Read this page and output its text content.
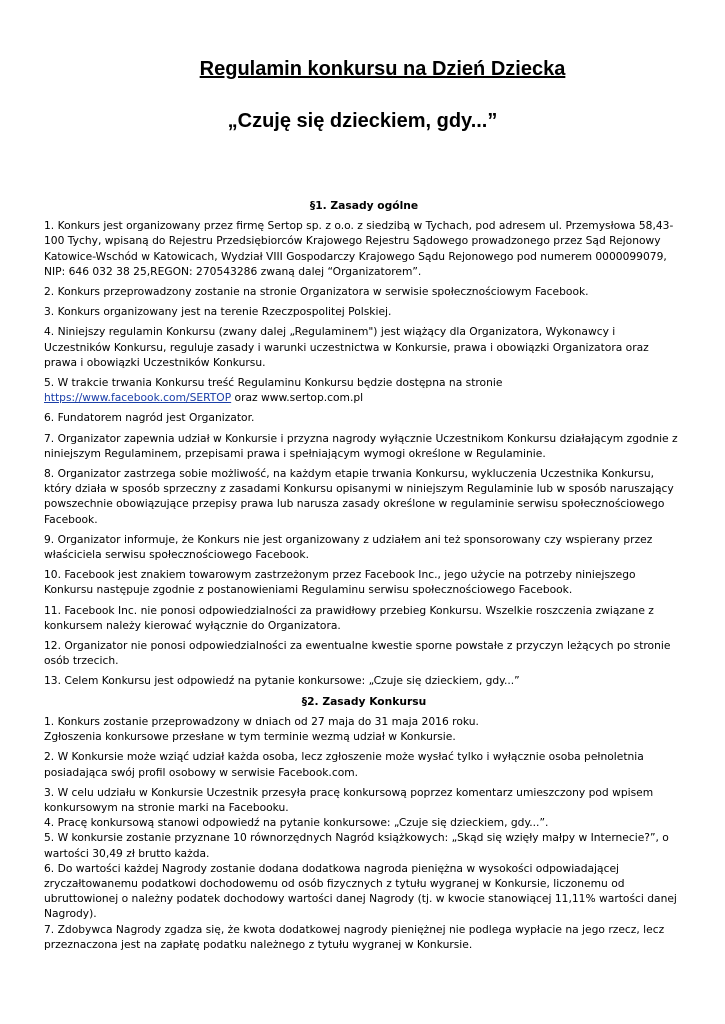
Regulamin konkursu na Dzień Dziecka
„Czuję się dzieckiem, gdy...”
§1. Zasady ogólne

1. Konkurs jest organizowany przez firmę Sertop sp. z o.o. z siedzibą w Tychach, pod adresem ul. Przemysłowa 58,43-100 Tychy, wpisaną do Rejestru Przedsiębiorców Krajowego Rejestru Sądowego prowadzonego przez Sąd Rejonowy Katowice-Wschód w Katowicach, Wydział VIII Gospodarczy Krajowego Sądu Rejonowego pod numerem 0000099079, NIP: 646 032 38 25,REGON: 270543286 zwaną dalej “Organizatorem”.

2. Konkurs przeprowadzony zostanie na stronie Organizatora w serwisie społecznościowym Facebook.

3. Konkurs organizowany jest na terenie Rzeczpospolitej Polskiej.

4. Niniejszy regulamin Konkursu (zwany dalej „Regulaminem") jest wiążący dla Organizatora, Wykonawcy i Uczestników Konkursu, reguluje zasady i warunki uczestnictwa w Konkursie, prawa i obowiązki Organizatora oraz prawa i obowiązki Uczestników Konkursu.

5. W trakcie trwania Konkursu treść Regulaminu Konkursu będzie dostępna na stronie
https://www.facebook.com/SERTOP oraz www.sertop.com.pl

6. Fundatorem nagród jest Organizator.

7. Organizator zapewnia udział w Konkursie i przyzna nagrody wyłącznie Uczestnikom Konkursu działającym zgodnie z niniejszym Regulaminem, przepisami prawa i spełniającym wymogi określone w Regulaminie.

8. Organizator zastrzega sobie możliwość, na każdym etapie trwania Konkursu, wykluczenia Uczestnika Konkursu, który działa w sposób sprzeczny z zasadami Konkursu opisanymi w niniejszym Regulaminie lub w sposób naruszający powszechnie obowiązujące przepisy prawa lub narusza zasady określone w regulaminie serwisu społecznościowego Facebook.

9. Organizator informuje, że Konkurs nie jest organizowany z udziałem ani też sponsorowany czy wspierany przez właściciela serwisu społecznościowego Facebook.

10. Facebook jest znakiem towarowym zastrzeżonym przez Facebook Inc., jego użycie na potrzeby niniejszego Konkursu następuje zgodnie z postanowieniami Regulaminu serwisu społecznościowego Facebook.

11. Facebook Inc. nie ponosi odpowiedzialności za prawidłowy przebieg Konkursu. Wszelkie roszczenia związane z konkursem należy kierować wyłącznie do Organizatora.

12. Organizator nie ponosi odpowiedzialności za ewentualne kwestie sporne powstałe z przyczyn leżących po stronie osób trzecich.

13. Celem Konkursu jest odpowiedź na pytanie konkursowe: „Czuje się dzieckiem, gdy...”

§2. Zasady Konkursu

1. Konkurs zostanie przeprowadzony w dniach od 27 maja do 31 maja 2016 roku.

Zgłoszenia konkursowe przesłane w tym terminie wezmą udział w Konkursie.

2. W Konkursie może wziąć udział każda osoba, lecz zgłoszenie może wysłać tylko i wyłącznie osoba pełnoletnia posiadająca swój profil osobowy w serwisie Facebook.com.

3. W celu udziału w Konkursie Uczestnik przesyła pracę konkursową poprzez komentarz umieszczony pod wpisem konkursowym na stronie marki na Facebooku.

4. Pracę konkursową stanowi odpowiedź na pytanie konkursowe: „Czuje się dzieckiem, gdy...”.

5. W konkursie zostanie przyznane 10 równorzędnych Nagród książkowych: „Skąd się wzięły małpy w Internecie?”, o wartości 30,49 zł brutto każda.

6. Do wartości każdej Nagrody zostanie dodana dodatkowa nagroda pieniężna w wysokości odpowiadającej zryczałtowanemu podatkowi dochodowemu od osób fizycznych z tytułu wygranej w Konkursie, liczonemu od ubruttowionej o należny podatek dochodowy wartości danej Nagrody (tj. w kwocie stanowiącej 11,11% wartości danej Nagrody).

7. Zdobywca Nagrody zgadza się, że kwota dodatkowej nagrody pieniężnej nie podlega wypłacie na jego rzecz, lecz przeznaczona jest na zapłatę podatku należnego z tytułu wygranej w Konkursie.
